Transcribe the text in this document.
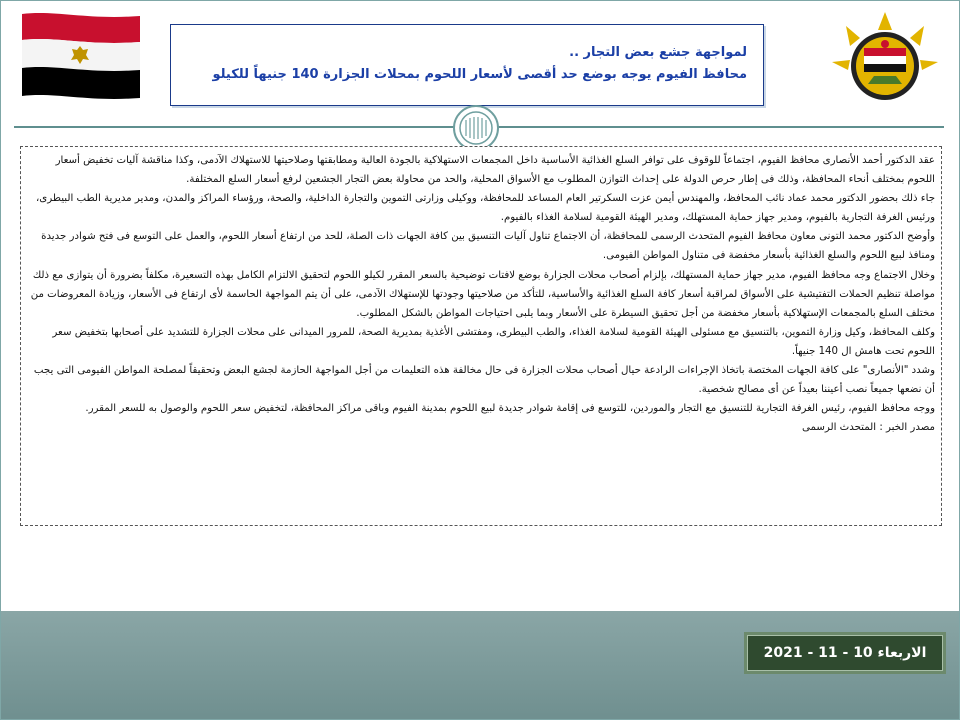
لمواجهة جشع بعض التجار ..

محافظ الفيوم يوجه بوضع حد أقصى لأسعار اللحوم بمحلات الجزارة 140 جنيهاً للكيلو

عقد الدكتور أحمد الأنصارى محافظ الفيوم، اجتماعاً للوقوف على توافر السلع الغذائية الأساسية داخل المجمعات الاستهلاكية بالجودة العالية ومطابقتها وصلاحيتها للاستهلاك الآدمى، وكذا مناقشة آليات تخفيض أسعار اللحوم بمختلف أنحاء المحافظة، وذلك فى إطار حرص الدولة على إحداث التوازن المطلوب مع الأسواق المحلية، والحد من محاولة بعض التجار الجشعين لرفع أسعار السلع المختلفة.

جاء ذلك بحضور الدكتور محمد عماد نائب المحافظ، والمهندس أيمن عزت السكرتير العام المساعد للمحافظة، ووكيلى وزارتى التموين والتجارة الداخلية، والصحة، ورؤساء المراكز والمدن، ومدير مديرية الطب البيطرى، ورئيس الغرفة التجارية بالفيوم، ومدير جهاز حماية المستهلك، ومدير الهيئة القومية لسلامة الغذاء بالفيوم.

وأوضح الدكتور محمد التونى معاون محافظ الفيوم المتحدث الرسمى للمحافظة، أن الاجتماع تناول آليات التنسيق بين كافة الجهات ذات الصلة، للحد من ارتفاع أسعار اللحوم، والعمل على التوسع فى فتح شوادر جديدة ومنافذ لبيع اللحوم والسلع الغذائية بأسعار مخفضة فى متناول المواطن الفيومى.

وخلال الاجتماع وجه محافظ الفيوم، مدير جهاز حماية المستهلك، بإلزام أصحاب محلات الجزارة بوضع لافتات توضيحية بالسعر المقرر لكيلو اللحوم لتحقيق الالتزام الكامل بهذه التسعيرة، مكلفاً بضرورة أن يتوازى مع ذلك مواصلة تنظيم الحملات التفتيشية على الأسواق لمراقبة أسعار كافة السلع الغذائية والأساسية، للتأكد من صلاحيتها وجودتها للإستهلاك الآدمى، على أن يتم المواجهة الحاسمة لأى ارتفاع فى الأسعار، وزيادة المعروضات من مختلف السلع بالمجمعات الإستهلاكية بأسعار مخفضة من أجل تحقيق السيطرة على الأسعار وبما يلبى احتياجات المواطن بالشكل المطلوب.

وكلف المحافظ، وكيل وزارة التموين، بالتنسيق مع مسئولى الهيئة القومية لسلامة الغذاء، والطب البيطرى، ومفتشى الأغذية بمديرية الصحة، للمرور الميدانى على محلات الجزارة للتشديد على أصحابها بتخفيض سعر اللحوم تحت هامش ال 140 جنيهاً.

وشدد "الأنصارى" على كافة الجهات المختصة باتخاذ الإجراءات الرادعة حيال أصحاب محلات الجزارة فى حال مخالفة هذه التعليمات من أجل المواجهة الحازمة لجشع البعض وتحقيقاً لمصلحة المواطن الفيومى التى يجب أن نضعها جميعاً نصب أعيننا بعيداً عن أى مصالح شخصية.

ووجه محافظ الفيوم، رئيس الغرفة التجارية للتنسيق مع التجار والموردين، للتوسع فى إقامة شوادر جديدة لبيع اللحوم بمدينة الفيوم وباقى مراكز المحافظة، لتخفيض سعر اللحوم والوصول به للسعر المقرر.

مصدر الخبر : المتحدث الرسمى

الاربعاء 10 - 11 - 2021
